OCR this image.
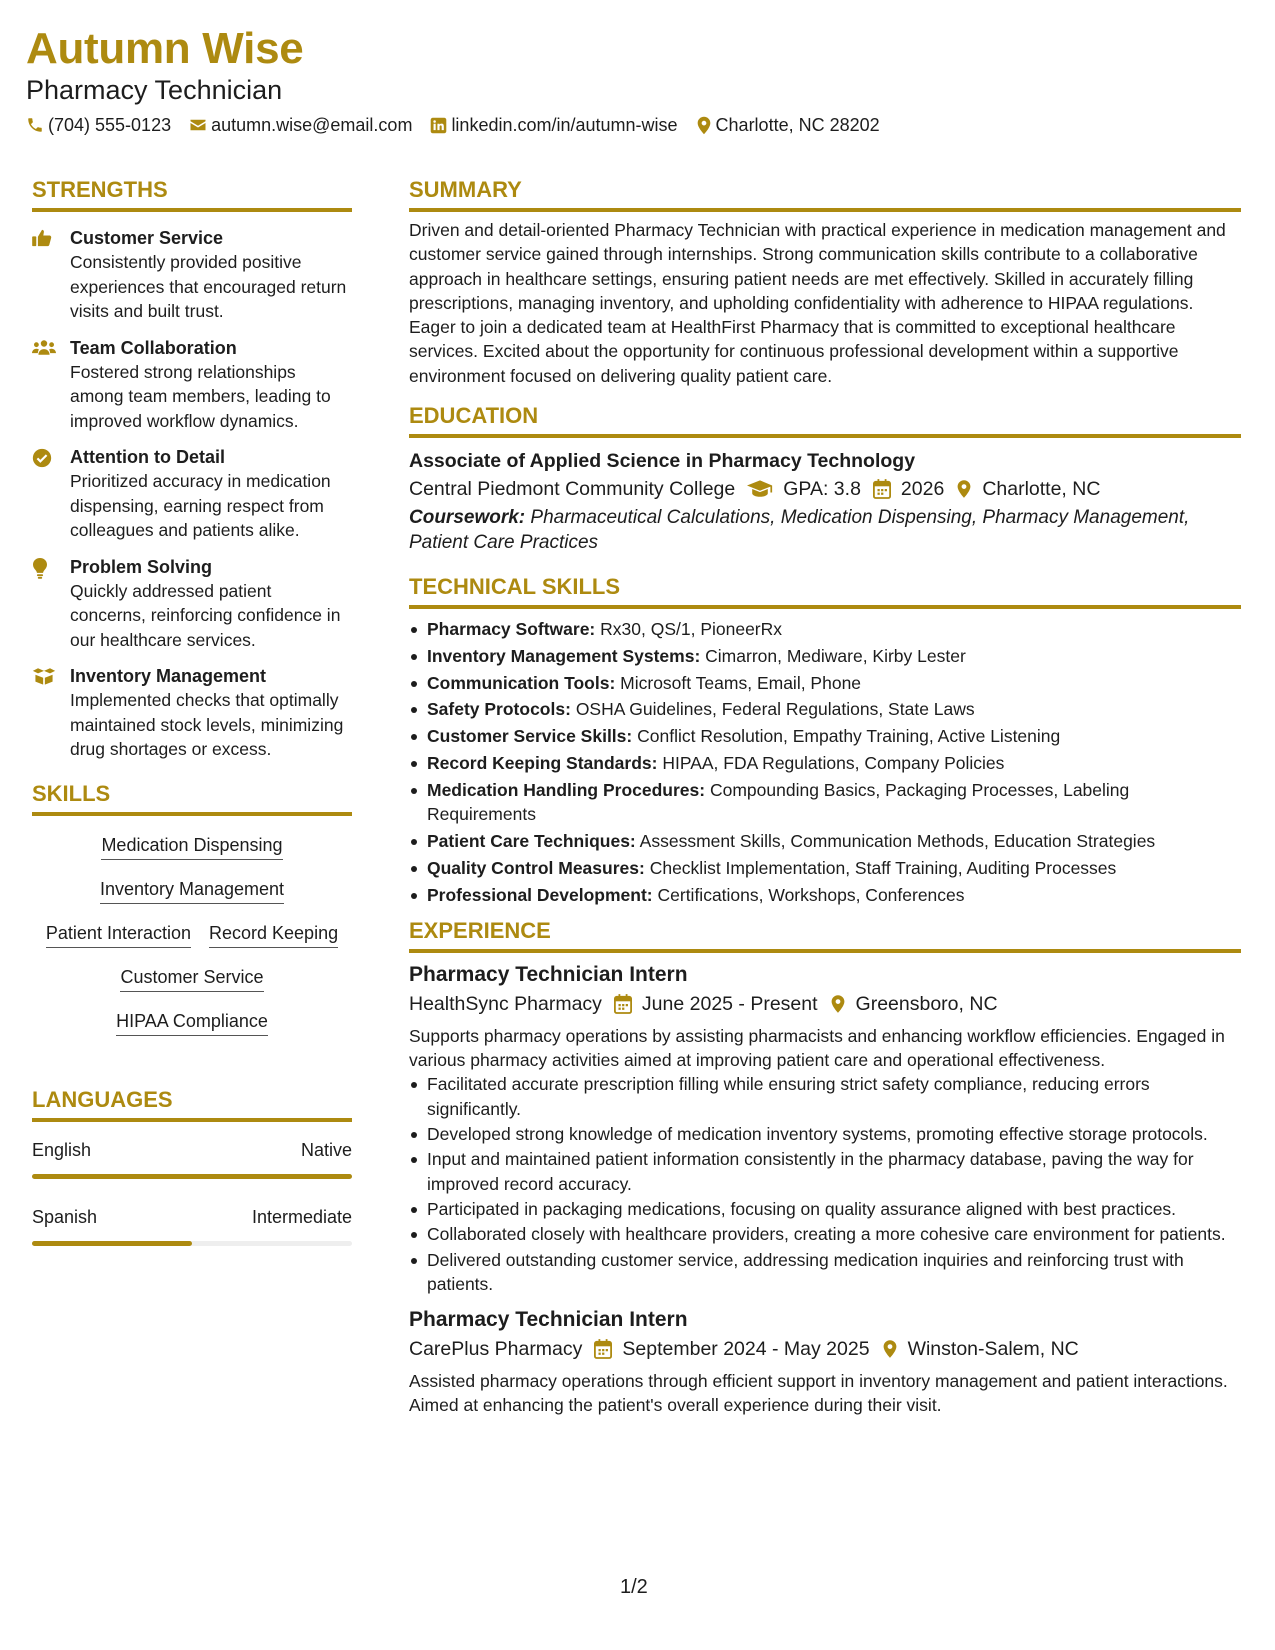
Autumn Wise
Pharmacy Technician
(704) 555-0123 autumn.wise@email.com linkedin.com/in/autumn-wise Charlotte, NC 28202
STRENGTHS
Customer Service
Consistently provided positive experiences that encouraged return visits and built trust.
Team Collaboration
Fostered strong relationships among team members, leading to improved workflow dynamics.
Attention to Detail
Prioritized accuracy in medication dispensing, earning respect from colleagues and patients alike.
Problem Solving
Quickly addressed patient concerns, reinforcing confidence in our healthcare services.
Inventory Management
Implemented checks that optimally maintained stock levels, minimizing drug shortages or excess.
SKILLS
Medication Dispensing
Inventory Management
Patient Interaction Record Keeping
Customer Service
HIPAA Compliance
LANGUAGES
English	Native
Spanish	Intermediate
SUMMARY
Driven and detail-oriented Pharmacy Technician with practical experience in medication management and customer service gained through internships. Strong communication skills contribute to a collaborative approach in healthcare settings, ensuring patient needs are met effectively. Skilled in accurately filling prescriptions, managing inventory, and upholding confidentiality with adherence to HIPAA regulations. Eager to join a dedicated team at HealthFirst Pharmacy that is committed to exceptional healthcare services. Excited about the opportunity for continuous professional development within a supportive environment focused on delivering quality patient care.
EDUCATION
Associate of Applied Science in Pharmacy Technology
Central Piedmont Community College GPA: 3.8 2026 Charlotte, NC
Coursework: Pharmaceutical Calculations, Medication Dispensing, Pharmacy Management, Patient Care Practices
TECHNICAL SKILLS
Pharmacy Software: Rx30, QS/1, PioneerRx
Inventory Management Systems: Cimarron, Mediware, Kirby Lester
Communication Tools: Microsoft Teams, Email, Phone
Safety Protocols: OSHA Guidelines, Federal Regulations, State Laws
Customer Service Skills: Conflict Resolution, Empathy Training, Active Listening
Record Keeping Standards: HIPAA, FDA Regulations, Company Policies
Medication Handling Procedures: Compounding Basics, Packaging Processes, Labeling Requirements
Patient Care Techniques: Assessment Skills, Communication Methods, Education Strategies
Quality Control Measures: Checklist Implementation, Staff Training, Auditing Processes
Professional Development: Certifications, Workshops, Conferences
EXPERIENCE
Pharmacy Technician Intern
HealthSync Pharmacy June 2025 - Present Greensboro, NC
Supports pharmacy operations by assisting pharmacists and enhancing workflow efficiencies. Engaged in various pharmacy activities aimed at improving patient care and operational effectiveness.
Facilitated accurate prescription filling while ensuring strict safety compliance, reducing errors significantly.
Developed strong knowledge of medication inventory systems, promoting effective storage protocols.
Input and maintained patient information consistently in the pharmacy database, paving the way for improved record accuracy.
Participated in packaging medications, focusing on quality assurance aligned with best practices.
Collaborated closely with healthcare providers, creating a more cohesive care environment for patients.
Delivered outstanding customer service, addressing medication inquiries and reinforcing trust with patients.
Pharmacy Technician Intern
CarePlus Pharmacy September 2024 - May 2025 Winston-Salem, NC
Assisted pharmacy operations through efficient support in inventory management and patient interactions. Aimed at enhancing the patient's overall experience during their visit.
1/2
